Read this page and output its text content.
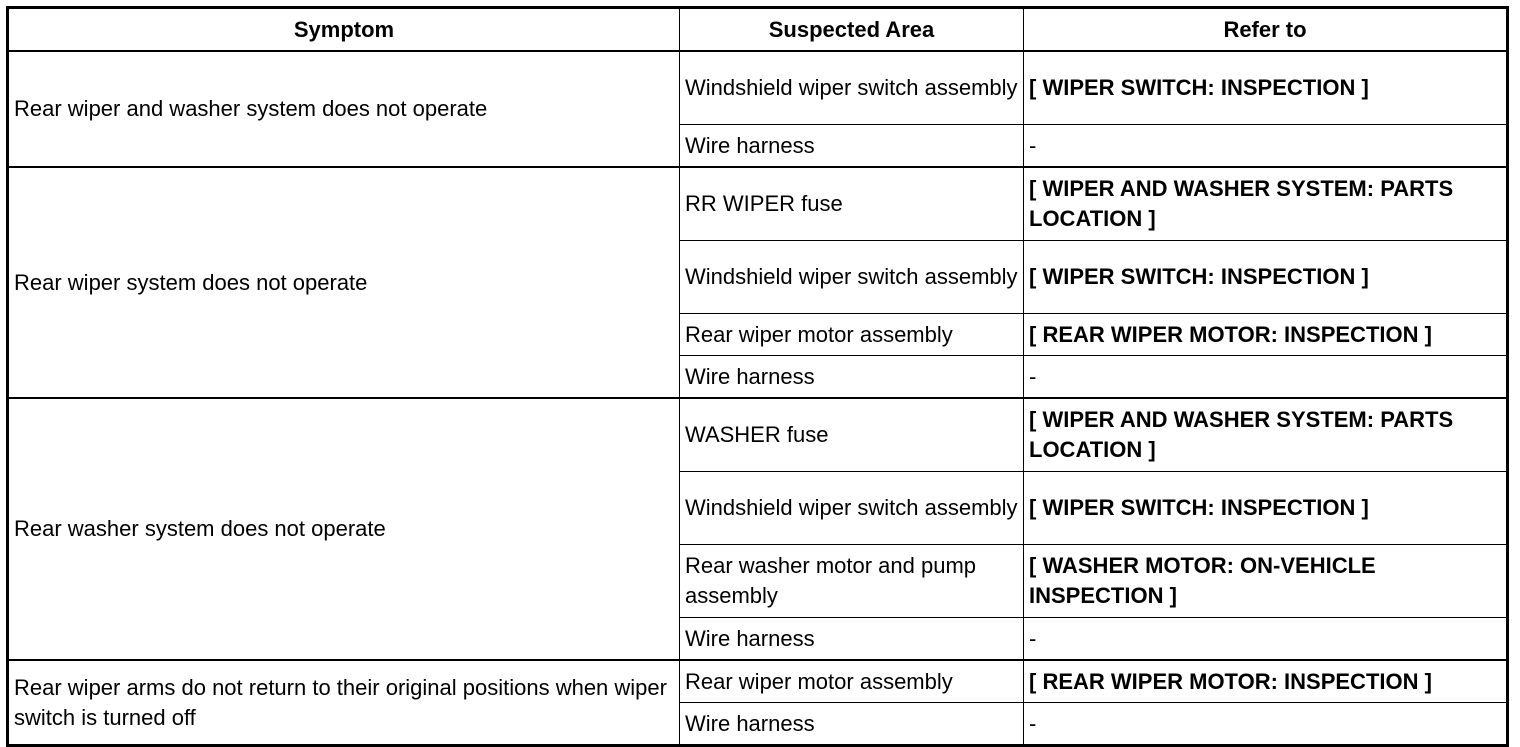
Symptom	Suspected Area	Refer to
Rear wiper and washer system does not operate	Windshield wiper switch assembly	[ WIPER SWITCH: INSPECTION ]
	Wire harness	-
Rear wiper system does not operate	RR WIPER fuse	[ WIPER AND WASHER SYSTEM: PARTS LOCATION ]
	Windshield wiper switch assembly	[ WIPER SWITCH: INSPECTION ]
	Rear wiper motor assembly	[ REAR WIPER MOTOR: INSPECTION ]
	Wire harness	-
Rear washer system does not operate	WASHER fuse	[ WIPER AND WASHER SYSTEM: PARTS LOCATION ]
	Windshield wiper switch assembly	[ WIPER SWITCH: INSPECTION ]
	Rear washer motor and pump assembly	[ WASHER MOTOR: ON-VEHICLE INSPECTION ]
	Wire harness	-
Rear wiper arms do not return to their original positions when wiper switch is turned off	Rear wiper motor assembly	[ REAR WIPER MOTOR: INSPECTION ]
	Wire harness	-
